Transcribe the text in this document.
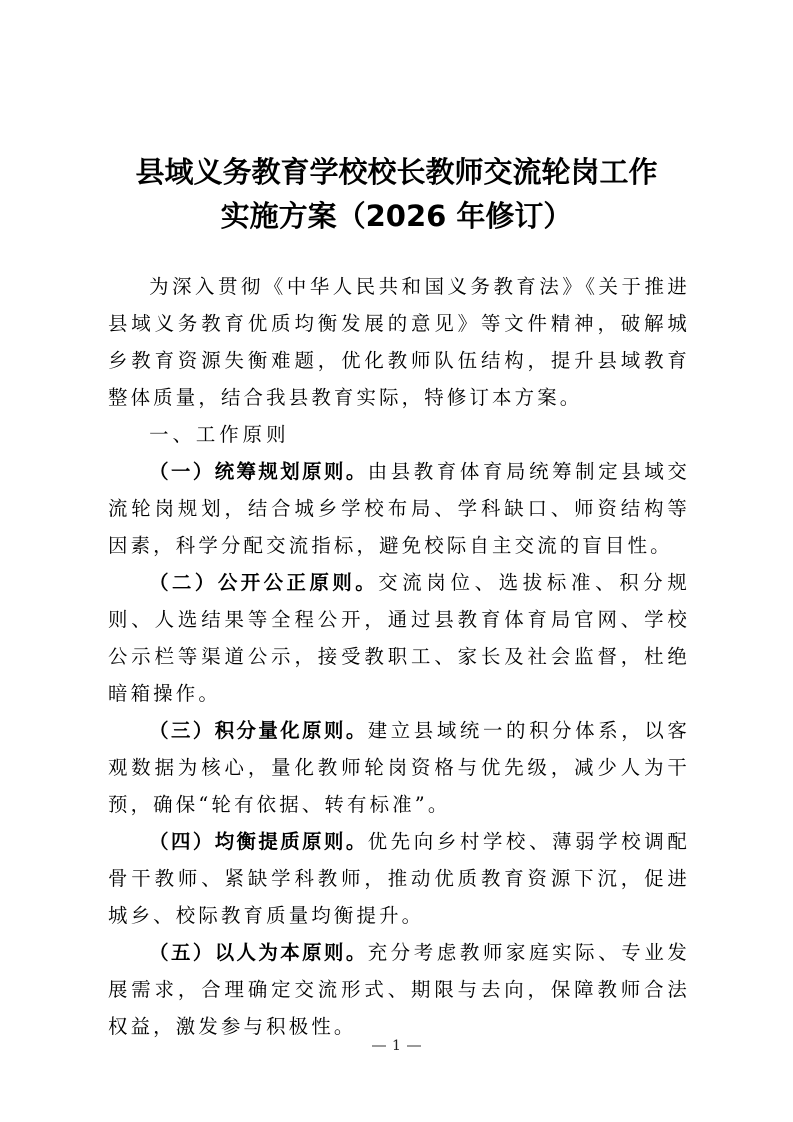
县域义务教育学校校长教师交流轮岗工作
实施方案（2026 年修订）

为深入贯彻《中华人民共和国义务教育法》《关于推进县域义务教育优质均衡发展的意见》等文件精神，破解城乡教育资源失衡难题，优化教师队伍结构，提升县域教育整体质量，结合我县教育实际，特修订本方案。

一、工作原则

（一）统筹规划原则。由县教育体育局统筹制定县域交流轮岗规划，结合城乡学校布局、学科缺口、师资结构等因素，科学分配交流指标，避免校际自主交流的盲目性。

（二）公开公正原则。交流岗位、选拔标准、积分规则、人选结果等全程公开，通过县教育体育局官网、学校公示栏等渠道公示，接受教职工、家长及社会监督，杜绝暗箱操作。

（三）积分量化原则。建立县域统一的积分体系，以客观数据为核心，量化教师轮岗资格与优先级，减少人为干预，确保“轮有依据、转有标准”。

（四）均衡提质原则。优先向乡村学校、薄弱学校调配骨干教师、紧缺学科教师，推动优质教育资源下沉，促进城乡、校际教育质量均衡提升。

（五）以人为本原则。充分考虑教师家庭实际、专业发展需求，合理确定交流形式、期限与去向，保障教师合法权益，激发参与积极性。

1
